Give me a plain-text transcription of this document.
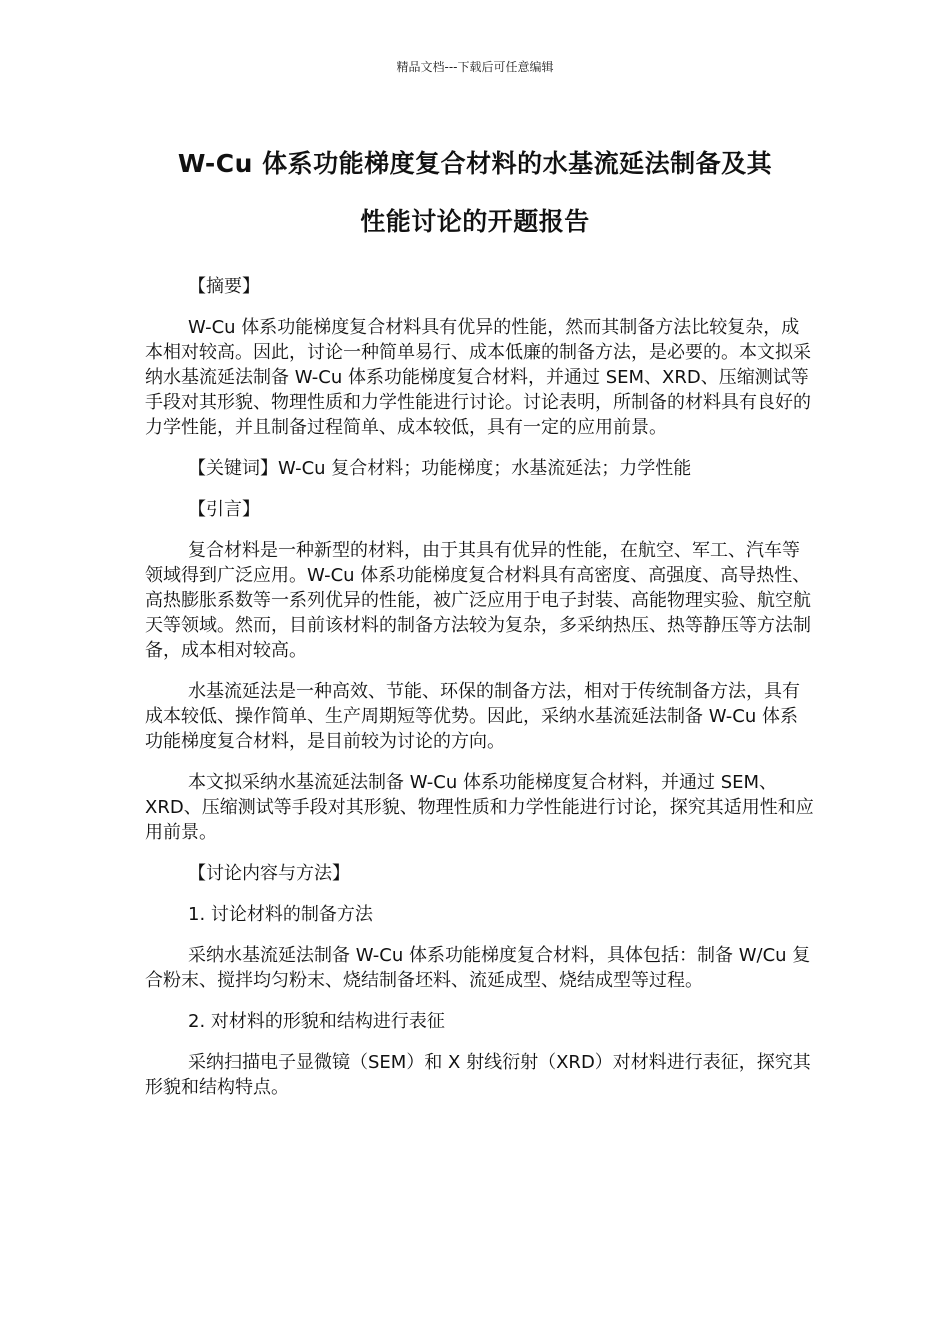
精品文档---下载后可任意编辑
W-Cu 体系功能梯度复合材料的水基流延法制备及其
性能讨论的开题报告

【摘要】

W-Cu 体系功能梯度复合材料具有优异的性能，然而其制备方法比较复杂，成本相对较高。因此，讨论一种简单易行、成本低廉的制备方法，是必要的。本文拟采纳水基流延法制备 W-Cu 体系功能梯度复合材料，并通过 SEM、XRD、压缩测试等手段对其形貌、物理性质和力学性能进行讨论。讨论表明，所制备的材料具有良好的力学性能，并且制备过程简单、成本较低，具有一定的应用前景。

【关键词】W-Cu 复合材料；功能梯度；水基流延法；力学性能

【引言】

复合材料是一种新型的材料，由于其具有优异的性能，在航空、军工、汽车等领域得到广泛应用。W-Cu 体系功能梯度复合材料具有高密度、高强度、高导热性、高热膨胀系数等一系列优异的性能，被广泛应用于电子封装、高能物理实验、航空航天等领域。然而，目前该材料的制备方法较为复杂，多采纳热压、热等静压等方法制备，成本相对较高。

水基流延法是一种高效、节能、环保的制备方法，相对于传统制备方法，具有成本较低、操作简单、生产周期短等优势。因此，采纳水基流延法制备 W-Cu 体系功能梯度复合材料，是目前较为讨论的方向。

本文拟采纳水基流延法制备 W-Cu 体系功能梯度复合材料，并通过 SEM、XRD、压缩测试等手段对其形貌、物理性质和力学性能进行讨论，探究其适用性和应用前景。

【讨论内容与方法】

1. 讨论材料的制备方法

采纳水基流延法制备 W-Cu 体系功能梯度复合材料，具体包括：制备 W/Cu 复合粉末、搅拌均匀粉末、烧结制备坯料、流延成型、烧结成型等过程。

2. 对材料的形貌和结构进行表征

采纳扫描电子显微镜（SEM）和 X 射线衍射（XRD）对材料进行表征，探究其形貌和结构特点。
